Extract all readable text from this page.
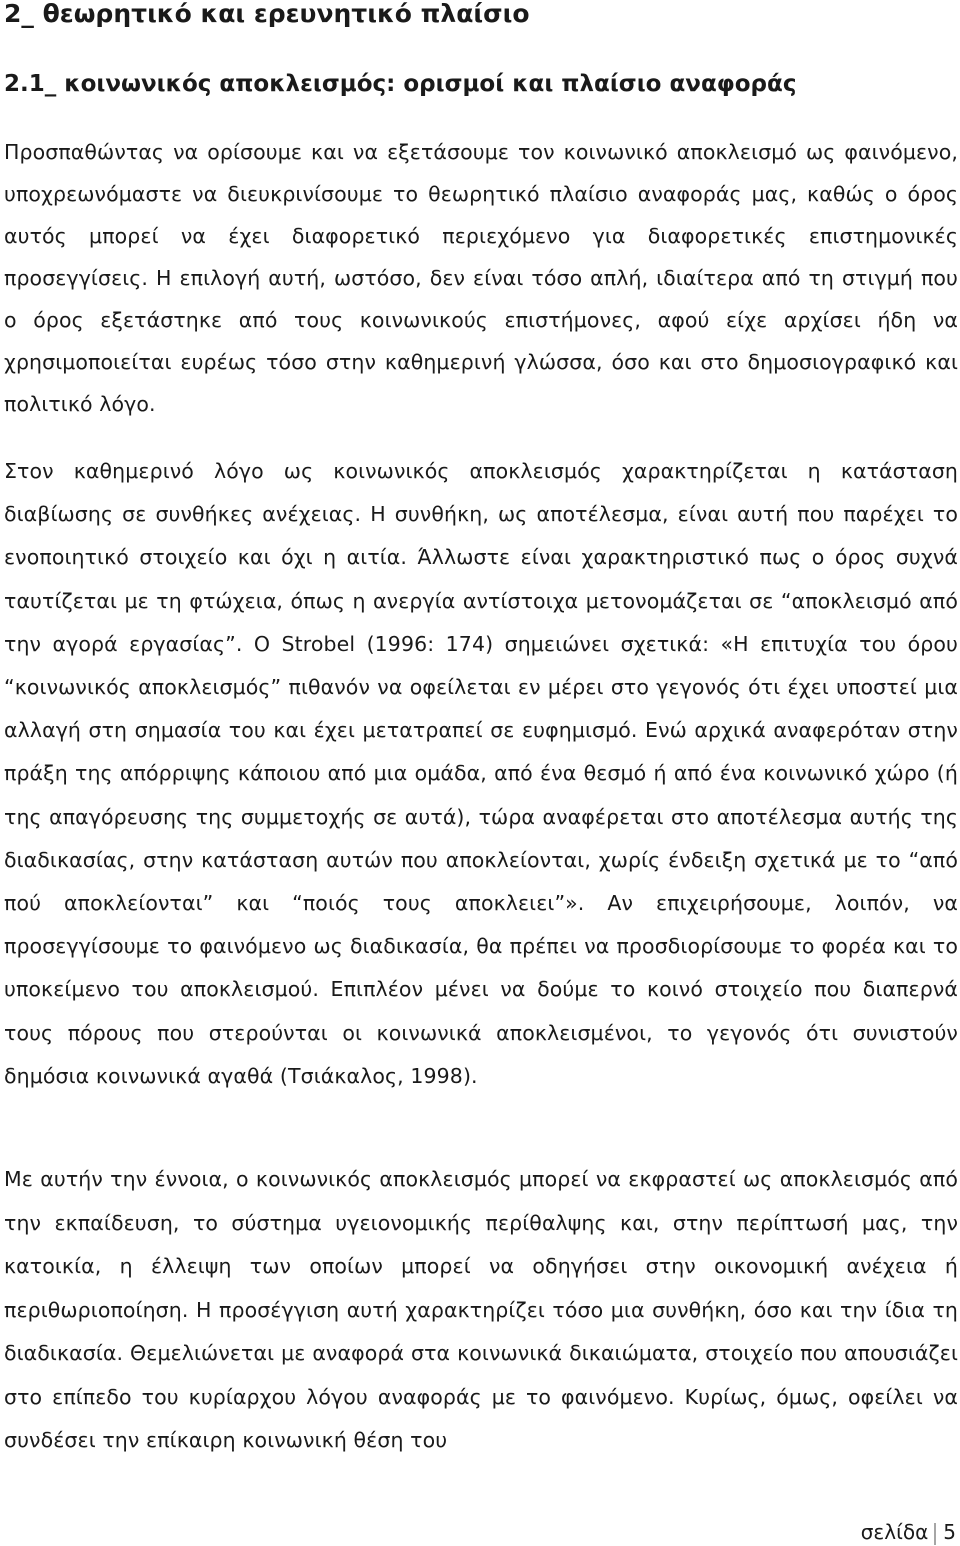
2_ θεωρητικό και ερευνητικό πλαίσιο
2.1_ κοινωνικός αποκλεισμός: ορισμοί και πλαίσιο αναφοράς

Προσπαθώντας να ορίσουμε και να εξετάσουμε τον κοινωνικό αποκλεισμό ως φαινόμενο, υποχρεωνόμαστε να διευκρινίσουμε το θεωρητικό πλαίσιο αναφοράς μας, καθώς ο όρος αυτός μπορεί να έχει διαφορετικό περιεχόμενο για διαφορετικές επιστημονικές προσεγγίσεις. Η επιλογή αυτή, ωστόσο, δεν είναι τόσο απλή, ιδιαίτερα από τη στιγμή που ο όρος εξετάστηκε από τους κοινωνικούς επιστήμονες, αφού είχε αρχίσει ήδη να χρησιμοποιείται ευρέως τόσο στην καθημερινή γλώσσα, όσο και στο δημοσιογραφικό και πολιτικό λόγο.

Στον καθημερινό λόγο ως κοινωνικός αποκλεισμός χαρακτηρίζεται η κατάσταση διαβίωσης σε συνθήκες ανέχειας. Η συνθήκη, ως αποτέλεσμα, είναι αυτή που παρέχει το ενοποιητικό στοιχείο και όχι η αιτία. Άλλωστε είναι χαρακτηριστικό πως ο όρος συχνά ταυτίζεται με τη φτώχεια, όπως η ανεργία αντίστοιχα μετονομάζεται σε “αποκλεισμό από την αγορά εργασίας”. Ο Strobel (1996: 174) σημειώνει σχετικά: «Η επιτυχία του όρου “κοινωνικός αποκλεισμός” πιθανόν να οφείλεται εν μέρει στο γεγονός ότι έχει υποστεί μια αλλαγή στη σημασία του και έχει μετατραπεί σε ευφημισμό. Ενώ αρχικά αναφερόταν στην πράξη της απόρριψης κάποιου από μια ομάδα, από ένα θεσμό ή από ένα κοινωνικό χώρο (ή της απαγόρευσης της συμμετοχής σε αυτά), τώρα αναφέρεται στο αποτέλεσμα αυτής της διαδικασίας, στην κατάσταση αυτών που αποκλείονται, χωρίς ένδειξη σχετικά με το “από πού αποκλείονται” και “ποιός τους αποκλειει”». Αν επιχειρήσουμε, λοιπόν, να προσεγγίσουμε το φαινόμενο ως διαδικασία, θα πρέπει να προσδιορίσουμε το φορέα και το υποκείμενο του αποκλεισμού. Επιπλέον μένει να δούμε το κοινό στοιχείο που διαπερνά τους πόρους που στερούνται οι κοινωνικά αποκλεισμένοι, το γεγονός ότι συνιστούν δημόσια κοινωνικά αγαθά (Τσιάκαλος, 1998).

Με αυτήν την έννοια, ο κοινωνικός αποκλεισμός μπορεί να εκφραστεί ως αποκλεισμός από την εκπαίδευση, το σύστημα υγειονομικής περίθαλψης και, στην περίπτωσή μας, την κατοικία, η έλλειψη των οποίων μπορεί να οδηγήσει στην οικονομική ανέχεια ή περιθωριοποίηση. Η προσέγγιση αυτή χαρακτηρίζει τόσο μια συνθήκη, όσο και την ίδια τη διαδικασία. Θεμελιώνεται με αναφορά στα κοινωνικά δικαιώματα, στοιχείο που απουσιάζει στο επίπεδο του κυρίαρχου λόγου αναφοράς με το φαινόμενο. Κυρίως, όμως, οφείλει να συνδέσει την επίκαιρη κοινωνική θέση του

σελίδα 5
